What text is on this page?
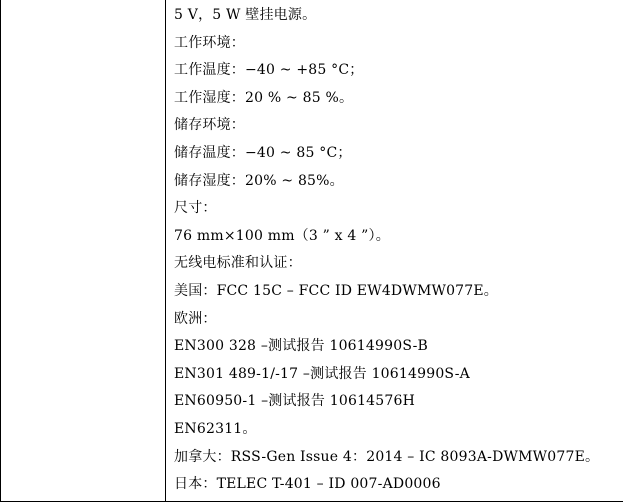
5 V，5 W 壁挂电源。
工作环境：
工作温度：−40 ~ +85 °C；
工作湿度：20 % ~ 85 %。
储存环境：
储存温度：−40 ~ 85 °C；
储存湿度：20% ~ 85%。
尺寸：
76 mm×100 mm（3 ” x 4 ”）。
无线电标准和认证：
美国：FCC 15C – FCC ID EW4DWMW077E。
欧洲：
EN300 328 –测试报告 10614990S-B
EN301 489-1/-17 –测试报告 10614990S-A
EN60950-1 –测试报告 10614576H
EN62311。
加拿大：RSS-Gen Issue 4：2014 – IC 8093A-DWMW077E。
日本：TELEC T-401 – ID 007-AD0006
